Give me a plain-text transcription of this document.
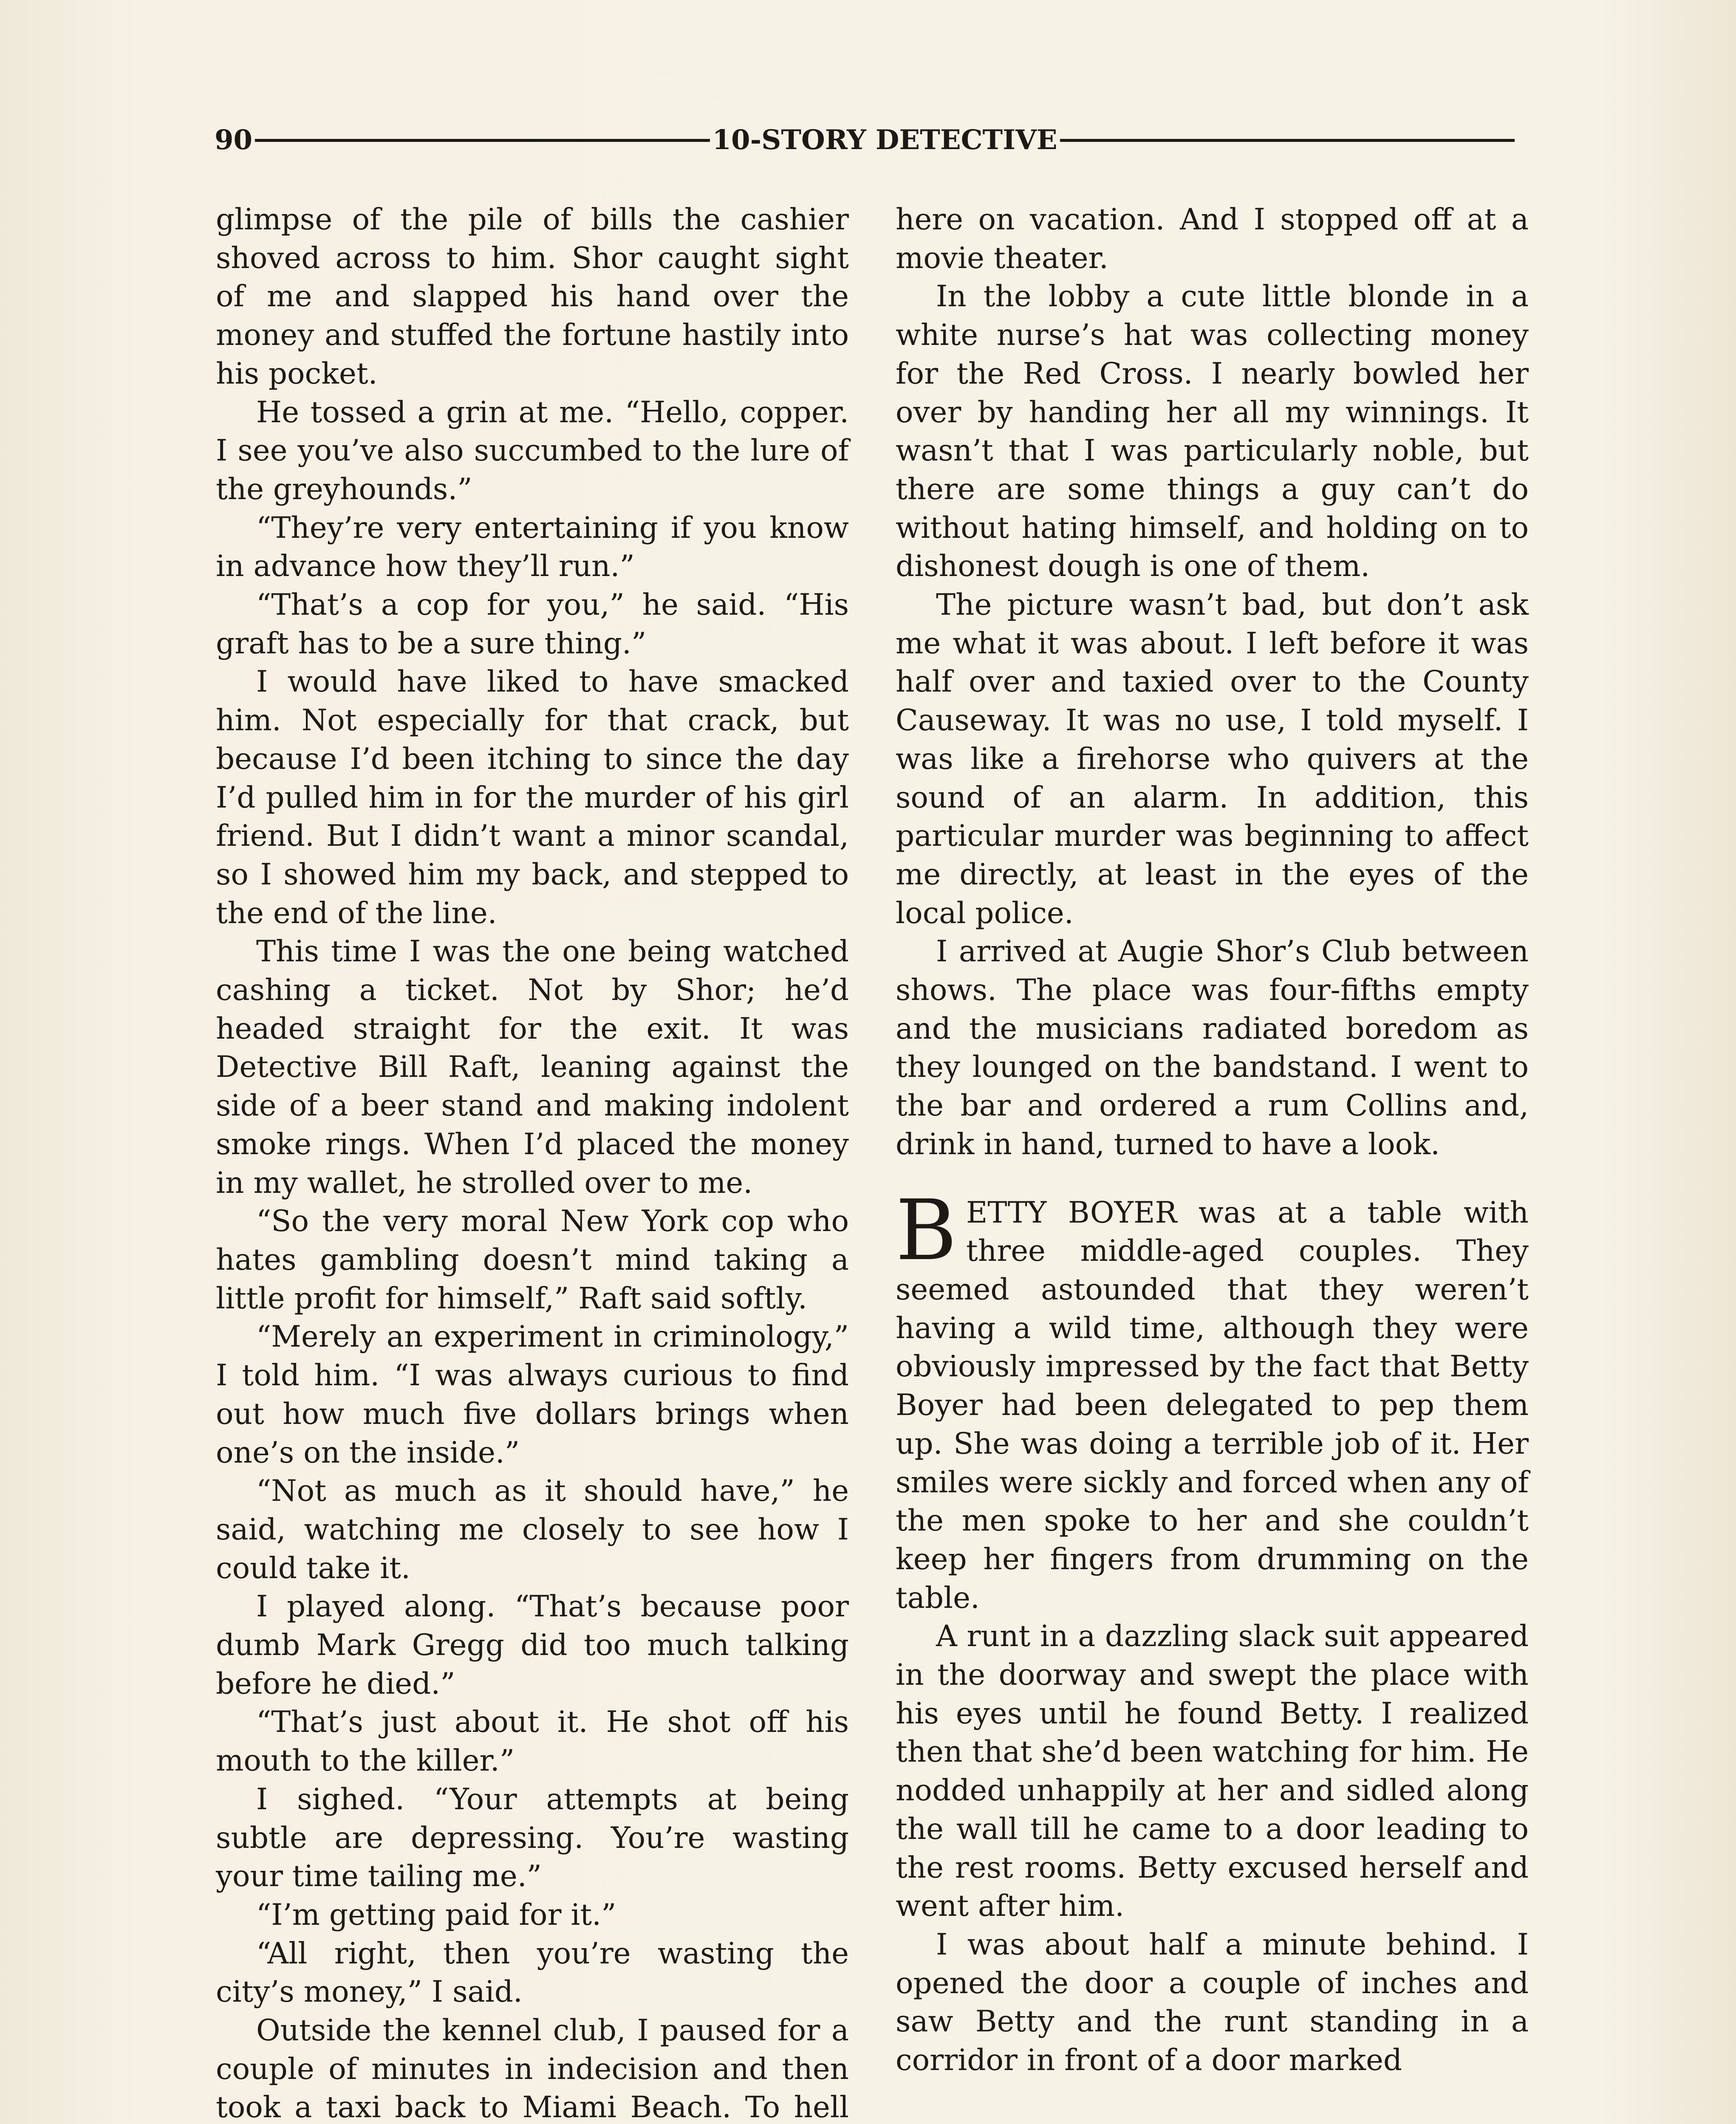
90	10-STORY DETECTIVE

glimpse of the pile of bills the cashier shoved across to him. Shor caught sight of me and slapped his hand over the money and stuffed the fortune hastily into his pocket.

He tossed a grin at me. “Hello, copper. I see you’ve also succumbed to the lure of the greyhounds.”

“They’re very entertaining if you know in advance how they’ll run.”

“That’s a cop for you,” he said. “His graft has to be a sure thing.”

I would have liked to have smacked him. Not especially for that crack, but because I’d been itching to since the day I’d pulled him in for the murder of his girl friend. But I didn’t want a minor scandal, so I showed him my back, and stepped to the end of the line.

This time I was the one being watched cashing a ticket. Not by Shor; he’d headed straight for the exit. It was Detective Bill Raft, leaning against the side of a beer stand and making indolent smoke rings. When I’d placed the money in my wallet, he strolled over to me.

“So the very moral New York cop who hates gambling doesn’t mind taking a little profit for himself,” Raft said softly.

“Merely an experiment in criminology,” I told him. “I was always curious to find out how much five dollars brings when one’s on the inside.”

“Not as much as it should have,” he said, watching me closely to see how I could take it.

I played along. “That’s because poor dumb Mark Gregg did too much talking before he died.”

“That’s just about it. He shot off his mouth to the killer.”

I sighed. “Your attempts at being subtle are depressing. You’re wasting your time tailing me.”

“I’m getting paid for it.”

“All right, then you’re wasting the city’s money,” I said.

Outside the kennel club, I paused for a couple of minutes in indecision and then took a taxi back to Miami Beach. To hell

here on vacation. And I stopped off at a movie theater.

In the lobby a cute little blonde in a white nurse’s hat was collecting money for the Red Cross. I nearly bowled her over by handing her all my winnings. It wasn’t that I was particularly noble, but there are some things a guy can’t do without hating himself, and holding on to dishonest dough is one of them.

The picture wasn’t bad, but don’t ask me what it was about. I left before it was half over and taxied over to the County Causeway. It was no use, I told myself. I was like a firehorse who quivers at the sound of an alarm. In addition, this particular murder was beginning to affect me directly, at least in the eyes of the local police.

I arrived at Augie Shor’s Club between shows. The place was four-fifths empty and the musicians radiated boredom as they lounged on the bandstand. I went to the bar and ordered a rum Collins and, drink in hand, turned to have a look.

BETTY BOYER was at a table with three middle-aged couples. They seemed astounded that they weren’t having a wild time, although they were obviously impressed by the fact that Betty Boyer had been delegated to pep them up. She was doing a terrible job of it. Her smiles were sickly and forced when any of the men spoke to her and she couldn’t keep her fingers from drumming on the table.

A runt in a dazzling slack suit appeared in the doorway and swept the place with his eyes until he found Betty. I realized then that she’d been watching for him. He nodded unhappily at her and sidled along the wall till he came to a door leading to the rest rooms. Betty excused herself and went after him.

I was about half a minute behind. I opened the door a couple of inches and saw Betty and the runt standing in a corridor in front of a door marked
